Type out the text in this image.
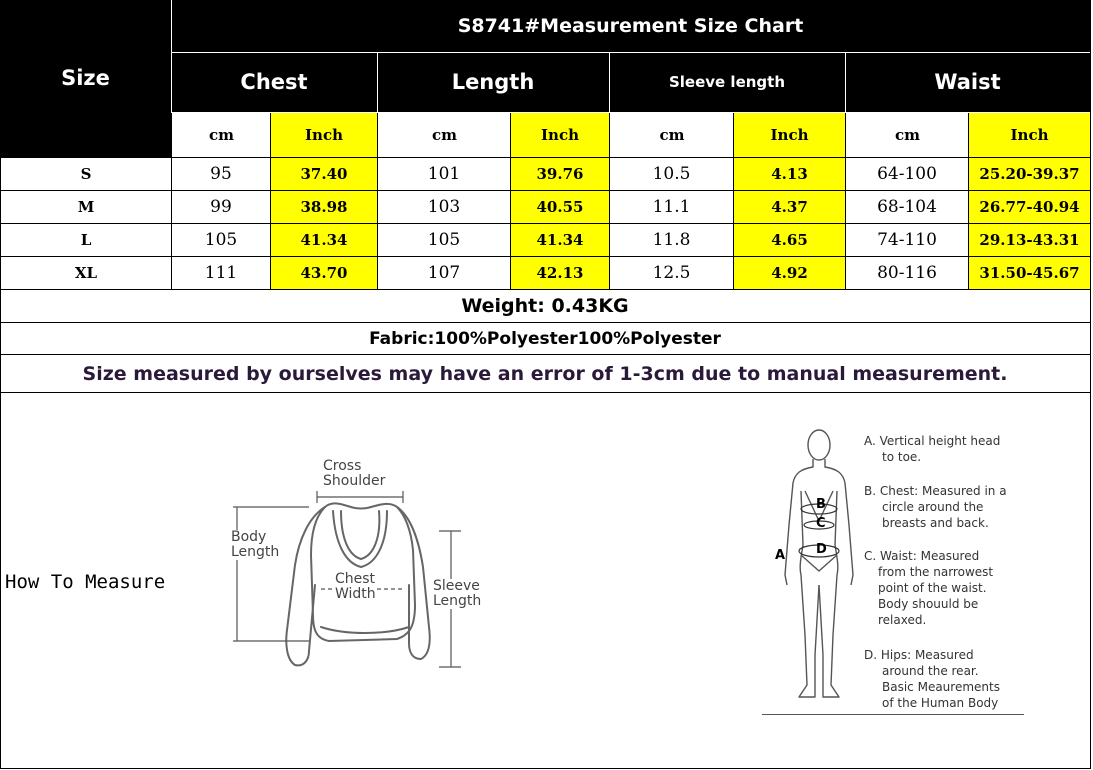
Size
S8741#Measurement Size Chart
Chest	Length	Sleeve length	Waist
cm	Inch	cm	Inch	cm	Inch	cm	Inch
S	95	37.40	101	39.76	10.5	4.13	64-100	25.20-39.37
M	99	38.98	103	40.55	11.1	4.37	68-104	26.77-40.94
L	105	41.34	105	41.34	11.8	4.65	74-110	29.13-43.31
XL	111	43.70	107	42.13	12.5	4.92	80-116	31.50-45.67
Weight: 0.43KG
Fabric:100%Polyester100%Polyester
Size measured by ourselves may have an error of 1-3cm due to manual measurement.
How To Measure
Cross
Shoulder
Body
Length
Chest
Width	Sleeve
Length
A
B
C
D
A. Vertical height head
to toe.
B. Chest: Measured in a
circle around the
breasts and back.
C. Waist: Measured
from the narrowest
point of the waist.
Body shouuld be
relaxed.
D. Hips: Measured
around the rear.
Basic Meaurements
of the Human Body
